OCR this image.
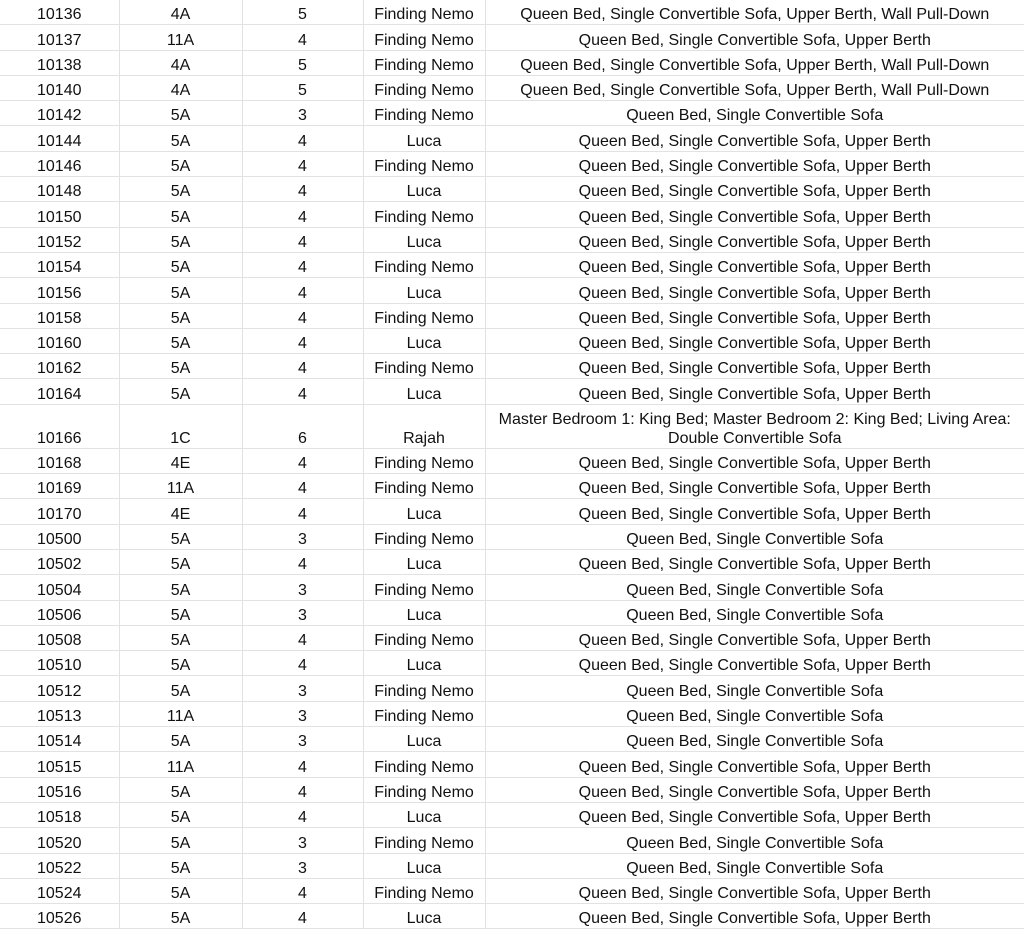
10136	4A	5	Finding Nemo	Queen Bed, Single Convertible Sofa, Upper Berth, Wall Pull-Down
10137	11A	4	Finding Nemo	Queen Bed, Single Convertible Sofa, Upper Berth
10138	4A	5	Finding Nemo	Queen Bed, Single Convertible Sofa, Upper Berth, Wall Pull-Down
10140	4A	5	Finding Nemo	Queen Bed, Single Convertible Sofa, Upper Berth, Wall Pull-Down
10142	5A	3	Finding Nemo	Queen Bed, Single Convertible Sofa
10144	5A	4	Luca	Queen Bed, Single Convertible Sofa, Upper Berth
10146	5A	4	Finding Nemo	Queen Bed, Single Convertible Sofa, Upper Berth
10148	5A	4	Luca	Queen Bed, Single Convertible Sofa, Upper Berth
10150	5A	4	Finding Nemo	Queen Bed, Single Convertible Sofa, Upper Berth
10152	5A	4	Luca	Queen Bed, Single Convertible Sofa, Upper Berth
10154	5A	4	Finding Nemo	Queen Bed, Single Convertible Sofa, Upper Berth
10156	5A	4	Luca	Queen Bed, Single Convertible Sofa, Upper Berth
10158	5A	4	Finding Nemo	Queen Bed, Single Convertible Sofa, Upper Berth
10160	5A	4	Luca	Queen Bed, Single Convertible Sofa, Upper Berth
10162	5A	4	Finding Nemo	Queen Bed, Single Convertible Sofa, Upper Berth
10164	5A	4	Luca	Queen Bed, Single Convertible Sofa, Upper Berth
10166	1C	6	Rajah	Master Bedroom 1: King Bed; Master Bedroom 2: King Bed; Living Area: Double Convertible Sofa
10168	4E	4	Finding Nemo	Queen Bed, Single Convertible Sofa, Upper Berth
10169	11A	4	Finding Nemo	Queen Bed, Single Convertible Sofa, Upper Berth
10170	4E	4	Luca	Queen Bed, Single Convertible Sofa, Upper Berth
10500	5A	3	Finding Nemo	Queen Bed, Single Convertible Sofa
10502	5A	4	Luca	Queen Bed, Single Convertible Sofa, Upper Berth
10504	5A	3	Finding Nemo	Queen Bed, Single Convertible Sofa
10506	5A	3	Luca	Queen Bed, Single Convertible Sofa
10508	5A	4	Finding Nemo	Queen Bed, Single Convertible Sofa, Upper Berth
10510	5A	4	Luca	Queen Bed, Single Convertible Sofa, Upper Berth
10512	5A	3	Finding Nemo	Queen Bed, Single Convertible Sofa
10513	11A	3	Finding Nemo	Queen Bed, Single Convertible Sofa
10514	5A	3	Luca	Queen Bed, Single Convertible Sofa
10515	11A	4	Finding Nemo	Queen Bed, Single Convertible Sofa, Upper Berth
10516	5A	4	Finding Nemo	Queen Bed, Single Convertible Sofa, Upper Berth
10518	5A	4	Luca	Queen Bed, Single Convertible Sofa, Upper Berth
10520	5A	3	Finding Nemo	Queen Bed, Single Convertible Sofa
10522	5A	3	Luca	Queen Bed, Single Convertible Sofa
10524	5A	4	Finding Nemo	Queen Bed, Single Convertible Sofa, Upper Berth
10526	5A	4	Luca	Queen Bed, Single Convertible Sofa, Upper Berth
